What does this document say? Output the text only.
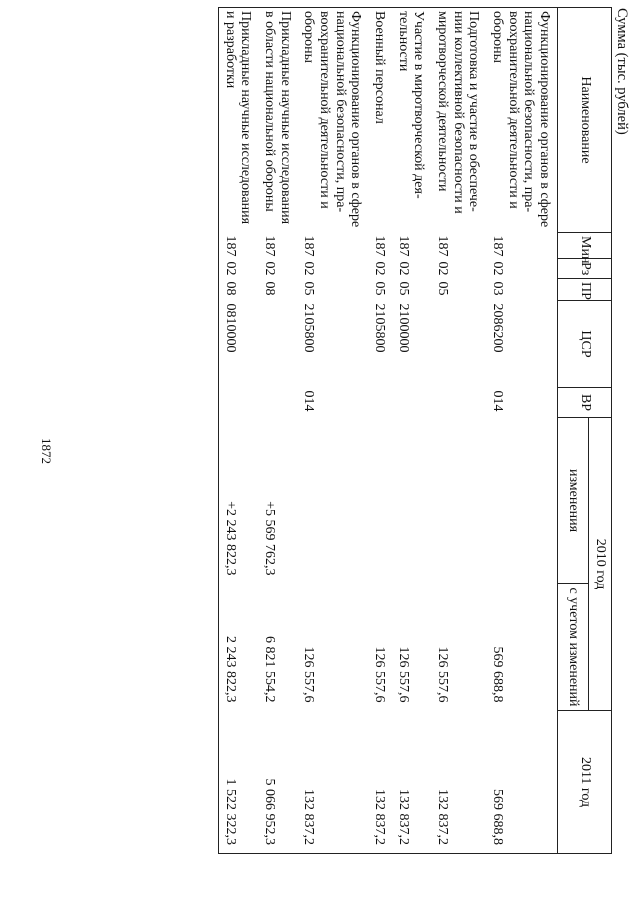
1872
Сумма (тыс. рублей)
Наименование	Мин	Рз	ПР	ЦСР	ВР	2010 год		2011 год
						изменения	с учетом изменений	
Функционирование органов в сфере национальной безопасности, пра-воохранительной деятельности и обороны	187	02	03	2086200	014		569 688,8	569 688,8
Подготовка и участие в обеспече-нии коллективной безопасности и миротворческой деятельности	187	02	05				126 557,6	132 837,2
Участие в миротворческой дея-тельности	187	02	05	2100000			126 557,6	132 837,2
Военный персонал	187	02	05	2105800			126 557,6	132 837,2
Функционирование органов в сфере национальной безопасности, пра-воохранительной деятельности и обороны	187	02	05	2105800	014		126 557,6	132 837,2
Прикладные научные исследования в области национальной обороны	187	02	08			+5 569 762,3	6 821 554,2	5 066 952,3
Прикладные научные исследования и разработки	187	02	08	0810000		+2 243 822,3	2 243 822,3	1 522 322,3
